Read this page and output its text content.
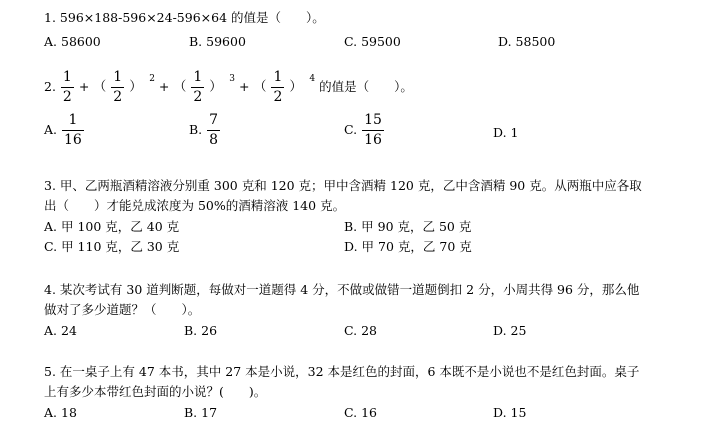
1. 596×188-596×24-596×64 的值是（　　）。
A. 58600	B. 59600	C. 59500	D. 58500
2. $\frac{1}{2}$ + （ $\frac{1}{2}$ ） $^2$ + （ $\frac{1}{2}$ ） $^3$ + （ $\frac{1}{2}$ ） $^4$ 的值是（　　）。
A. $\frac{1}{16}$	B. $\frac{7}{8}$	C. $\frac{15}{16}$	D. 1
3. 甲、乙两瓶酒精溶液分别重 300 克和 120 克；甲中含酒精 120 克，乙中含酒精 90 克。从两瓶中应各取
出（　　）才能兑成浓度为 50%的酒精溶液 140 克。
A. 甲 100 克，乙 40 克	B. 甲 90 克，乙 50 克
C. 甲 110 克，乙 30 克	D. 甲 70 克，乙 70 克
4. 某次考试有 30 道判断题，每做对一道题得 4 分，不做或做错一道题倒扣 2 分，小周共得 96 分，那么他
做对了多少道题？（　　）。
A. 24	B. 26	C. 28	D. 25
5. 在一桌子上有 47 本书，其中 27 本是小说，32 本是红色的封面，6 本既不是小说也不是红色封面。桌子
上有多少本带红色封面的小说？(　　)。
A. 18	B. 17	C. 16	D. 15
